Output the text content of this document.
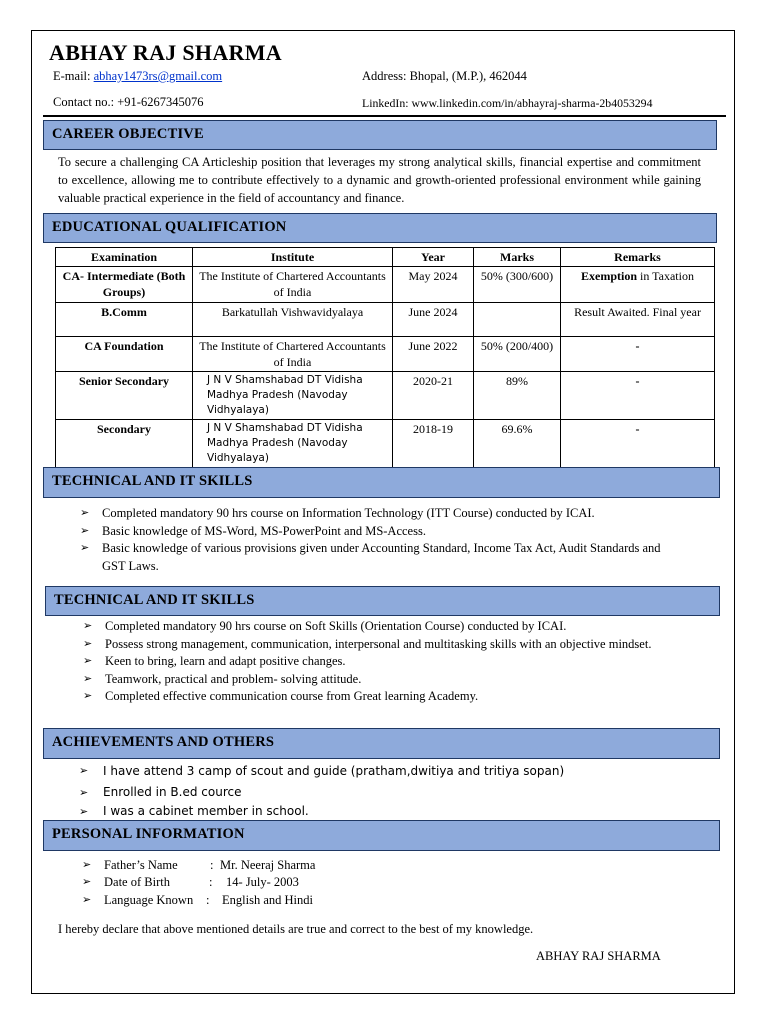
ABHAY RAJ SHARMA
E-mail: abhay1473rs@gmail.com	Address: Bhopal, (M.P.), 462044
Contact no.: +91-6267345076	LinkedIn: www.linkedin.com/in/abhayraj-sharma-2b4053294
CAREER OBJECTIVE
To secure a challenging CA Articleship position that leverages my strong analytical skills, financial expertise and commitment to excellence, allowing me to contribute effectively to a dynamic and growth-oriented professional environment while gaining valuable practical experience in the field of accountancy and finance.
EDUCATIONAL QUALIFICATION
Examination	Institute	Year	Marks	Remarks
CA- Intermediate (Both Groups)	The Institute of Chartered Accountants of India	May 2024	50% (300/600)	Exemption in Taxation
B.Comm	Barkatullah Vishwavidyalaya	June 2024		Result Awaited. Final year
CA Foundation	The Institute of Chartered Accountants of India	June 2022	50% (200/400)	-
Senior Secondary	J N V Shamshabad DT Vidisha Madhya Pradesh (Navoday Vidhyalaya)	2020-21	89%	-
Secondary	J N V Shamshabad DT Vidisha Madhya Pradesh (Navoday Vidhyalaya)	2018-19	69.6%	-
TECHNICAL AND IT SKILLS
➢ Completed mandatory 90 hrs course on Information Technology (ITT Course) conducted by ICAI.
➢ Basic knowledge of MS-Word, MS-PowerPoint and MS-Access.
➢ Basic knowledge of various provisions given under Accounting Standard, Income Tax Act, Audit Standards and GST Laws.
TECHNICAL AND IT SKILLS
➢ Completed mandatory 90 hrs course on Soft Skills (Orientation Course) conducted by ICAI.
➢ Possess strong management, communication, interpersonal and multitasking skills with an objective mindset.
➢ Keen to bring, learn and adapt positive changes.
➢ Teamwork, practical and problem- solving attitude.
➢ Completed effective communication course from Great learning Academy.
ACHIEVEMENTS AND OTHERS
➢ I have attend 3 camp of scout and guide (pratham,dwitiya and tritiya sopan)
➢ Enrolled in B.ed cource
➢ I was a cabinet member in school.
PERSONAL INFORMATION
➢ Father’s Name	: Mr. Neeraj Sharma
➢ Date of Birth	: 14- July- 2003
➢ Language Known : English and Hindi
I hereby declare that above mentioned details are true and correct to the best of my knowledge.
ABHAY RAJ SHARMA
